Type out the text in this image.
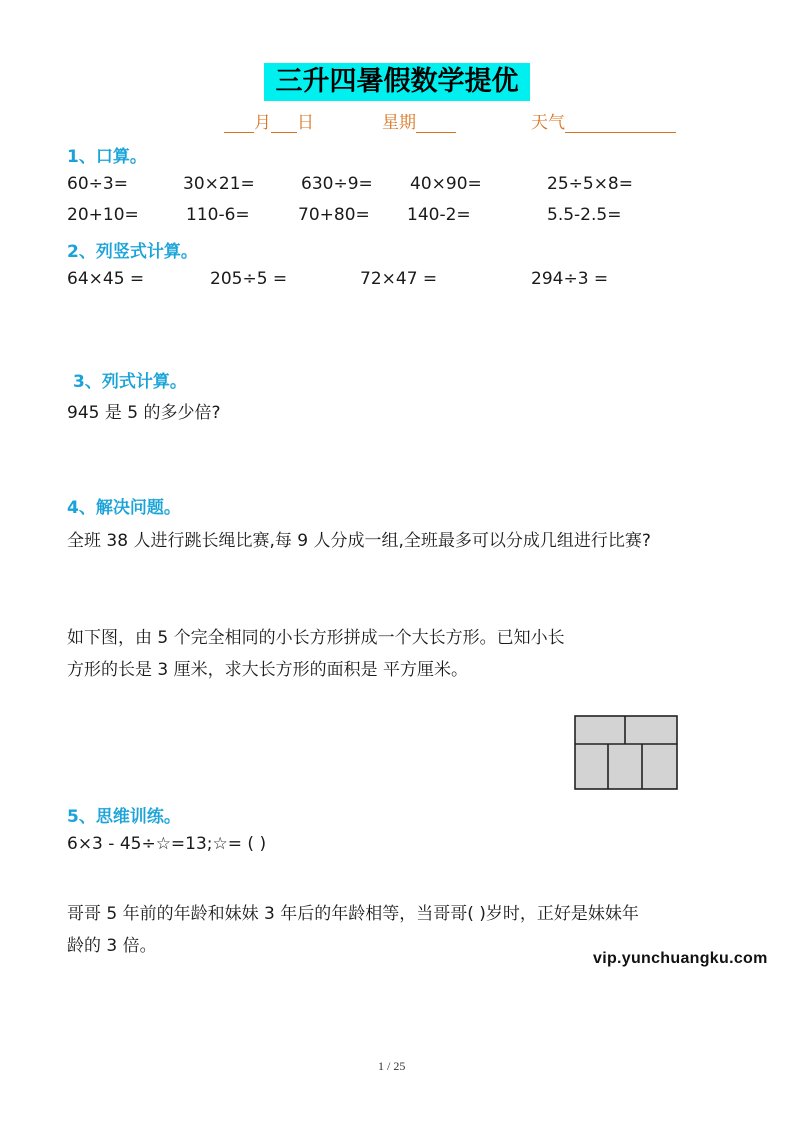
三升四暑假数学提优
月 日	星期	天气
1、口算。
60÷3=	30×21=	630÷9= 40×90=	25÷5×8=
20+10=	110-6=	70+80= 140-2=	5.5-2.5=
2、列竖式计算。
64×45 =	205÷5 =	72×47 =	294÷3 =
3、列式计算。
945 是 5 的多少倍?
4、解决问题。
全班 38 人进行跳长绳比赛,每 9 人分成一组,全班最多可以分成几组进行比赛?
如下图，由 5 个完全相同的小长方形拼成一个大长方形。已知小长
方形的长是 3 厘米，求大长方形的面积是 平方厘米。
5、思维训练。
6×3 - 45÷☆=13;☆= ( )
哥哥 5 年前的年龄和妹妹 3 年后的年龄相等，当哥哥( )岁时，正好是妹妹年
龄的 3 倍。
vip.yunchuangku.com
1 / 25
